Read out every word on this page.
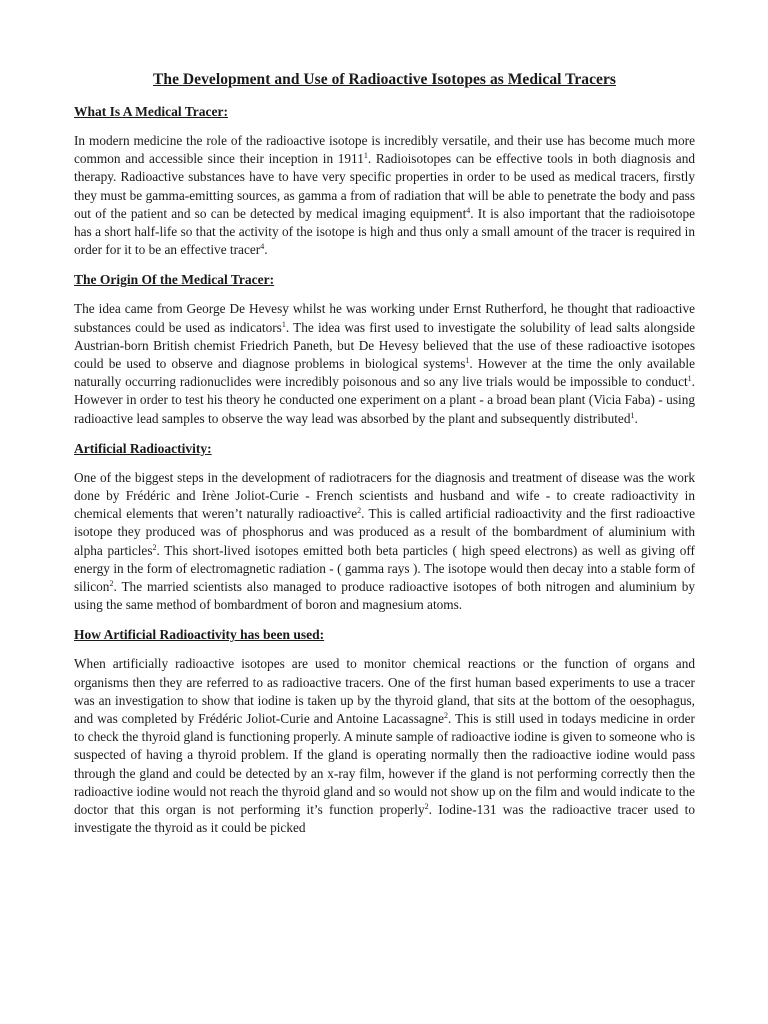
The Development and Use of Radioactive Isotopes as Medical Tracers
What Is A Medical Tracer:

In modern medicine the role of the radioactive isotope is incredibly versatile, and their use has become much more common and accessible since their inception in 1911$^1$. Radioisotopes can be effective tools in both diagnosis and therapy. Radioactive substances have to have very specific properties in order to be used as medical tracers, firstly they must be gamma-emitting sources, as gamma a from of radiation that will be able to penetrate the body and pass out of the patient and so can be detected by medical imaging equipment$^4$. It is also important that the radioisotope has a short half-life so that the activity of the isotope is high and thus only a small amount of the tracer is required in order for it to be an effective tracer$^4$.

The Origin Of the Medical Tracer:

The idea came from George De Hevesy whilst he was working under Ernst Rutherford, he thought that radioactive substances could be used as indicators$^1$. The idea was first used to investigate the solubility of lead salts alongside Austrian-born British chemist Friedrich Paneth, but De Hevesy believed that the use of these radioactive isotopes could be used to observe and diagnose problems in biological systems$^1$. However at the time the only available naturally occurring radionuclides were incredibly poisonous and so any live trials would be impossible to conduct$^1$. However in order to test his theory he conducted one experiment on a plant - a broad bean plant (Vicia Faba) - using radioactive lead samples to observe the way lead was absorbed by the plant and subsequently distributed$^1$.

Artificial Radioactivity:

One of the biggest steps in the development of radiotracers for the diagnosis and treatment of disease was the work done by Frédéric and Irène Joliot-Curie - French scientists and husband and wife - to create radioactivity in chemical elements that weren’t naturally radioactive$^2$. This is called artificial radioactivity and the first radioactive isotope they produced was of phosphorus and was produced as a result of the bombardment of aluminium with alpha particles$^2$. This short-lived isotopes emitted both beta particles ( high speed electrons) as well as giving off energy in the form of electromagnetic radiation - ( gamma rays ). The isotope would then decay into a stable form of silicon$^2$. The married scientists also managed to produce radioactive isotopes of both nitrogen and aluminium by using the same method of bombardment of boron and magnesium atoms.

How Artificial Radioactivity has been used:

When artificially radioactive isotopes are used to monitor chemical reactions or the function of organs and organisms then they are referred to as radioactive tracers. One of the first human based experiments to use a tracer was an investigation to show that iodine is taken up by the thyroid gland, that sits at the bottom of the oesophagus, and was completed by Frédéric Joliot-Curie and Antoine Lacassagne$^2$. This is still used in todays medicine in order to check the thyroid gland is functioning properly. A minute sample of radioactive iodine is given to someone who is suspected of having a thyroid problem. If the gland is operating normally then the radioactive iodine would pass through the gland and could be detected by an x-ray film, however if the gland is not performing correctly then the radioactive iodine would not reach the thyroid gland and so would not show up on the film and would indicate to the doctor that this organ is not performing it’s function properly$^2$. Iodine-131 was the radioactive tracer used to investigate the thyroid as it could be picked
